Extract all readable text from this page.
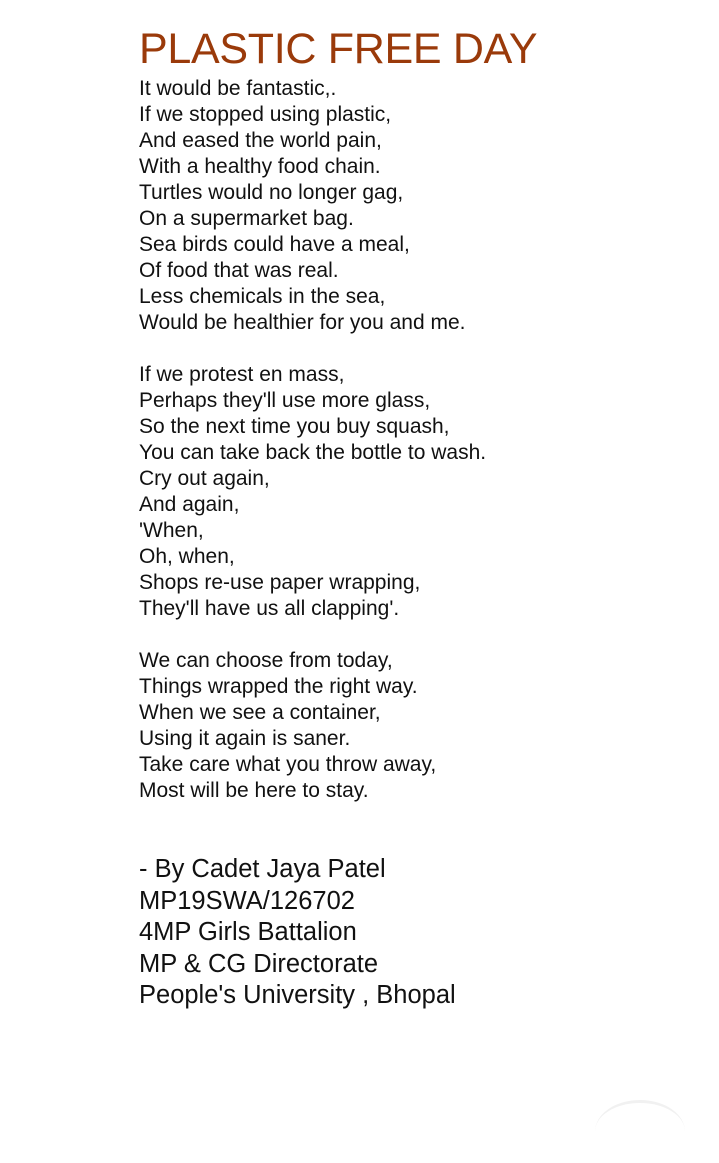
PLASTIC FREE DAY
It would be fantastic,.
If we stopped using plastic,
And eased the world pain,
With a healthy food chain.
Turtles would no longer gag,
On a supermarket bag.
Sea birds could have a meal,
Of food that was real.
Less chemicals in the sea,
Would be healthier for you and me.
If we protest en mass,
Perhaps they'll use more glass,
So the next time you buy squash,
You can take back the bottle to wash.
Cry out again,
And again,
'When,
Oh, when,
Shops re-use paper wrapping,
They'll have us all clapping'.
We can choose from today,
Things wrapped the right way.
When we see a container,
Using it again is saner.
Take care what you throw away,
Most will be here to stay.
- By Cadet Jaya Patel
MP19SWA/126702
4MP Girls Battalion
MP & CG Directorate
People's University , Bhopal
